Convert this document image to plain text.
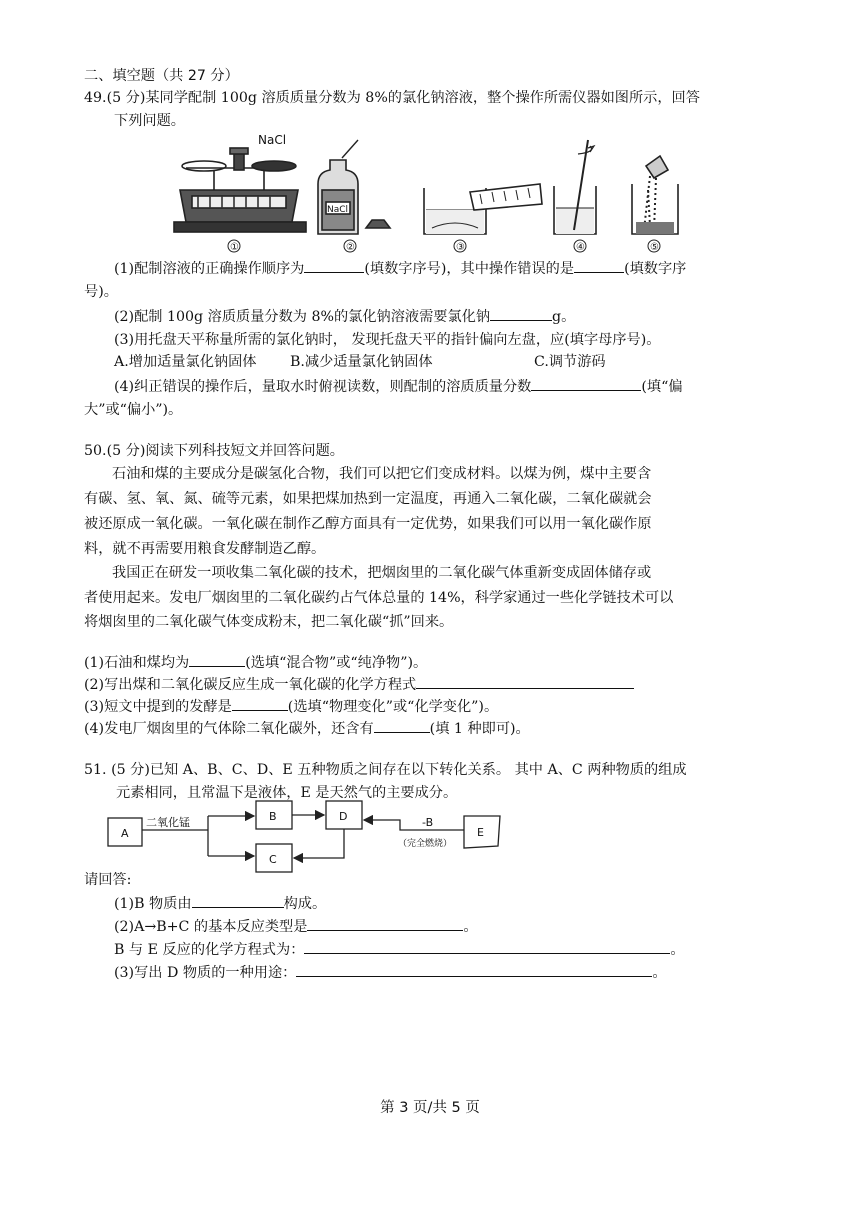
二、填空题（共 27 分）
49.(5 分)某同学配制 100g 溶质质量分数为 8%的氯化钠溶液，整个操作所需仪器如图所示，回答
下列问题。
NaCl
①
NaCl
②	③	④	⑤
(1)配制溶液的正确操作顺序为	(填数字序号)，其中操作错误的是	(填数字序
号)。
(2)配制 100g 溶质质量分数为 8%的氯化钠溶液需要氯化钠	g。
(3)用托盘天平称量所需的氯化钠时， 发现托盘天平的指针偏向左盘，应(填字母序号)。
A.增加适量氯化钠固体 B.减少适量氯化钠固体	C.调节游码
(4)纠正错误的操作后，量取水时俯视读数，则配制的溶质质量分数	(填“偏
大”或“偏小”)。
50.(5 分)阅读下列科技短文并回答问题。
石油和煤的主要成分是碳氢化合物，我们可以把它们变成材料。以煤为例，煤中主要含
有碳、氢、氧、氮、硫等元素，如果把煤加热到一定温度，再通入二氧化碳，二氧化碳就会
被还原成一氧化碳。一氧化碳在制作乙醇方面具有一定优势，如果我们可以用一氧化碳作原
料，就不再需要用粮食发酵制造乙醇。
我国正在研发一项收集二氧化碳的技术，把烟囱里的二氧化碳气体重新变成固体储存或
者使用起来。发电厂烟囱里的二氧化碳约占气体总量的 14%，科学家通过一些化学链技术可以
将烟囱里的二氧化碳气体变成粉末，把二氧化碳“抓”回来。
(1)石油和煤均为	(选填“混合物”或“纯净物”)。
(2)写出煤和二氧化碳反应生成一氧化碳的化学方程式
(3)短文中提到的发酵是	(选填“物理变化”或“化学变化”)。
(4)发电厂烟囱里的气体除二氧化碳外，还含有	(填 1 种即可)。
51. (5 分)已知 A、B、C、D、E 五种物质之间存在以下转化关系。 其中 A、C 两种物质的组成
元素相同，且常温下是液体，E 是天然气的主要成分。
A
B	D
C
E
二氧化锰	-B
（完全燃烧）
请回答:
(1)B 物质由	构成。
(2)A→B+C 的基本反应类型是	。
B 与 E 反应的化学方程式为：	。
(3)写出 D 物质的一种用途：	。
第 3 页/共 5 页
